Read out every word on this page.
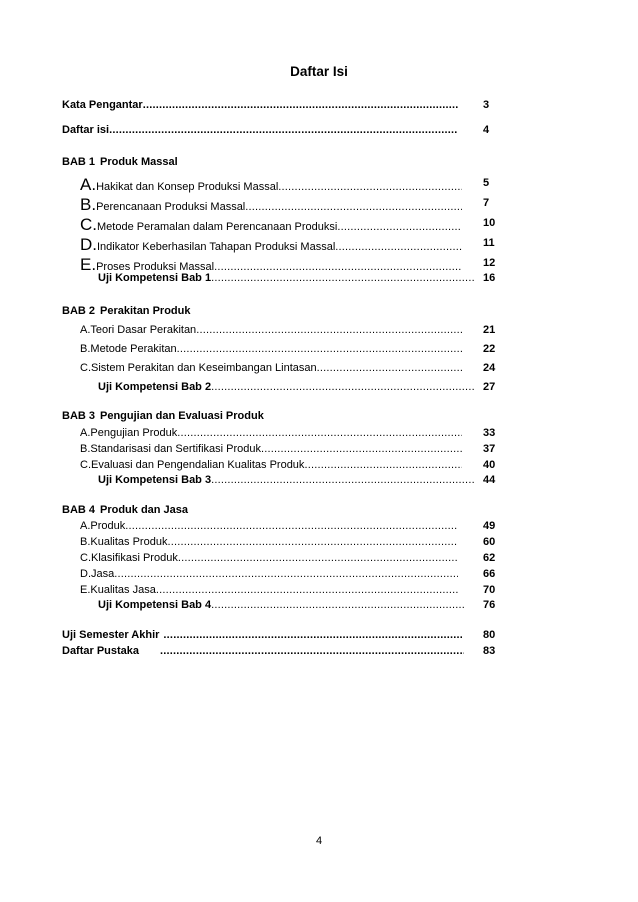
Daftar Isi
Kata Pengantar .....	3
Daftar isi .....	4
BAB 1 Produk Massal
A. Hakikat dan Konsep Produksi Massal .....	5
B. Perencanaan Produksi Massal .....	7
C. Metode Peramalan dalam Perencanaan Produksi .....	10
D. Indikator Keberhasilan Tahapan Produksi Massal .....	11
E. Proses Produksi Massal .....	12
Uji Kompetensi Bab 1 .....	16
BAB 2 Perakitan Produk
A. Teori Dasar Perakitan .....	21
B. Metode Perakitan .....	22
C. Sistem Perakitan dan Keseimbangan Lintasan .....	24
Uji Kompetensi Bab 2 .....	27
BAB 3 Pengujian dan Evaluasi Produk
A. Pengujian Produk .....	33
B. Standarisasi dan Sertifikasi Produk .....	37
C. Evaluasi dan Pengendalian Kualitas Produk .....	40
Uji Kompetensi Bab 3 .....	44
BAB 4 Produk dan Jasa
A. Produk .....	49
B. Kualitas Produk .....	60
C. Klasifikasi Produk .....	62
D. Jasa .....	66
E. Kualitas Jasa .....	70
Uji Kompetensi Bab 4 .....	76
Uji Semester Akhir .....	80
Daftar Pustaka .....	83
4
